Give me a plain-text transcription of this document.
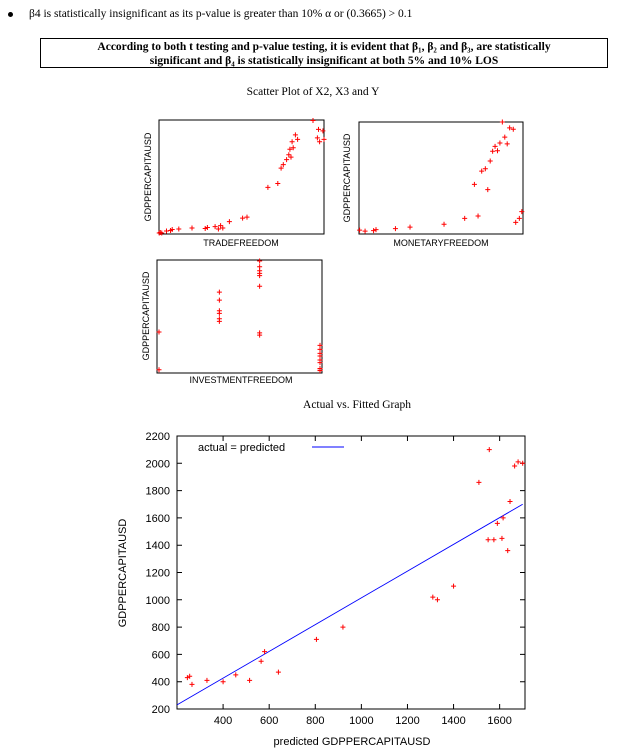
β4 is statistically insignificant as its p-value is greater than 10% α or (0.3665) > 0.1
According to both t testing and p-value testing, it is evident that β₁, β₂ and β₃, are statistically
significant and β₄ is statistically insignificant at both 5% and 10% LOS
Scatter Plot of X2, X3 and Y
TRADEFREEDOM
GDPPERCAPITAUSD
MONETARYFREEDOM
GDPPERCAPITAUSD
INVESTMENTFREEDOM
GDPPERCAPITAUSD
Actual vs. Fitted Graph
400	600	800 1000 1200 1400 1600
200
400
600
800
1000
1200
1400
1600
1800
2000
2200
actual = predicted
predicted GDPPERCAPITAUSD
GDPPERCAPITAUSD
